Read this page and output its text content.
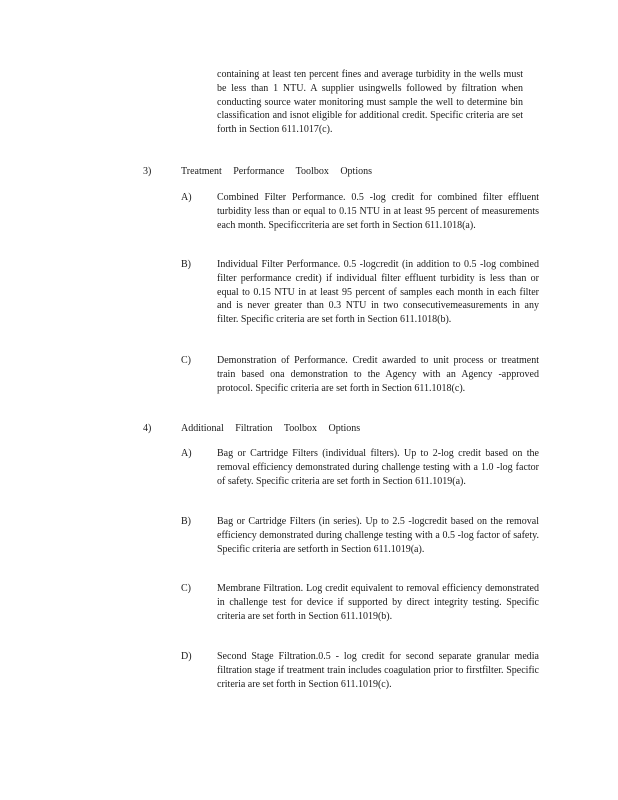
containing at least ten percent fines and average turbidity in the wells must be less than 1 NTU. A supplier usingwells followed by filtration when conducting source water monitoring must sample the well to determine bin classification and isnot eligible for additional credit. Specific criteria are set forth in Section 611.1017(c).
3)	Treatment Performance Toolbox Options
A)	Combined Filter Performance. 0.5 -log credit for combined filter effluent turbidity less than or equal to 0.15 NTU in at least 95 percent of measurements each month. Specificcriteria are set forth in Section 611.1018(a).
B)	Individual Filter Performance. 0.5 -logcredit (in addition to 0.5 -log combined filter performance credit) if individual filter effluent turbidity is less than or equal to 0.15 NTU in at least 95 percent of samples each month in each filter and is never greater than 0.3 NTU in two consecutivemeasurements in any filter. Specific criteria are set forth in Section 611.1018(b).
C)	Demonstration of Performance. Credit awarded to unit process or treatment train based ona demonstration to the Agency with an Agency -approved protocol. Specific criteria are set forth in Section 611.1018(c).
4)	Additional Filtration Toolbox Options
A)	Bag or Cartridge Filters (individual filters). Up to 2-log credit based on the removal efficiency demonstrated during challenge testing with a 1.0 -log factor of safety. Specific criteria are set forth in Section 611.1019(a).
B)	Bag or Cartridge Filters (in series). Up to 2.5 -logcredit based on the removal efficiency demonstrated during challenge testing with a 0.5 -log factor of safety. Specific criteria are setforth in Section 611.1019(a).
C)	Membrane Filtration. Log credit equivalent to removal efficiency demonstrated in challenge test for device if supported by direct integrity testing. Specific criteria are set forth in Section 611.1019(b).
D)	Second Stage Filtration.0.5 - log credit for second separate granular media filtration stage if treatment train includes coagulation prior to firstfilter. Specific criteria are set forth in Section 611.1019(c).
